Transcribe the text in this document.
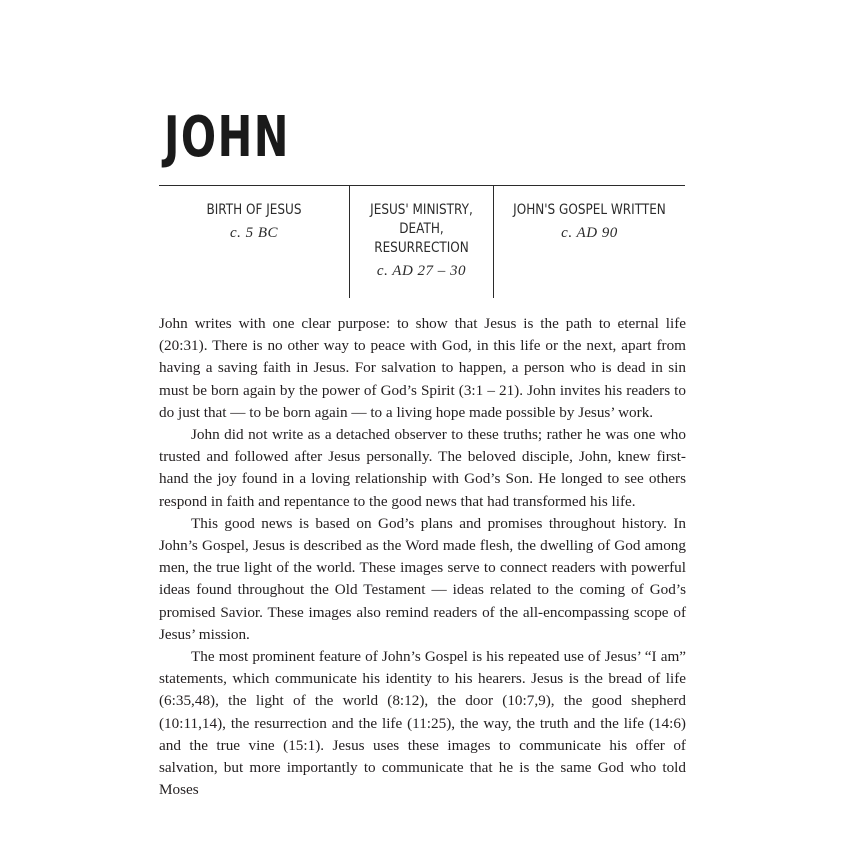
JOHN
BIRTH OF JESUS
c. 5 BC
JESUS' MINISTRY, DEATH, RESURRECTION
c. AD 27 – 30
JOHN'S GOSPEL WRITTEN
c. AD 90

John writes with one clear purpose: to show that Jesus is the path to eternal life (20:31). There is no other way to peace with God, in this life or the next, apart from having a saving faith in Jesus. For salvation to happen, a person who is dead in sin must be born again by the power of God’s Spirit (3:1 – 21). John invites his readers to do just that — to be born again — to a living hope made possible by Jesus’ work.

John did not write as a detached observer to these truths; rather he was one who trusted and followed after Jesus personally. The beloved disciple, John, knew first-hand the joy found in a loving relationship with God’s Son. He longed to see others respond in faith and repentance to the good news that had transformed his life.

This good news is based on God’s plans and promises throughout history. In John’s Gospel, Jesus is described as the Word made flesh, the dwelling of God among men, the true light of the world. These images serve to connect readers with powerful ideas found throughout the Old Testament — ideas related to the coming of God’s promised Savior. These images also remind readers of the all-encompassing scope of Jesus’ mission.

The most prominent feature of John’s Gospel is his repeated use of Jesus’ “I am” statements, which communicate his identity to his hearers. Jesus is the bread of life (6:35,48), the light of the world (8:12), the door (10:7,9), the good shepherd (10:11,14), the resurrection and the life (11:25), the way, the truth and the life (14:6) and the true vine (15:1). Jesus uses these images to communicate his offer of salvation, but more importantly to communicate that he is the same God who told Moses
